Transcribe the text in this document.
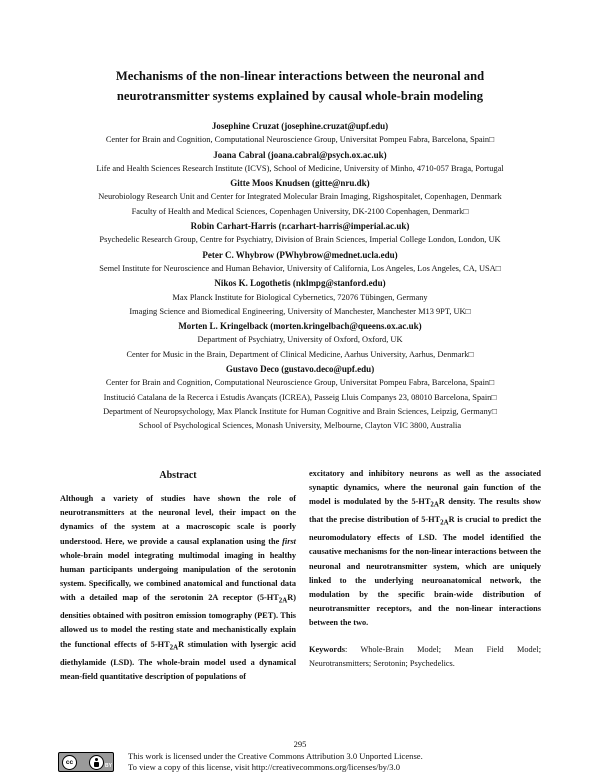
Mechanisms of the non-linear interactions between the neuronal and
neurotransmitter systems explained by causal whole-brain modeling
Josephine Cruzat (josephine.cruzat@upf.edu)
Center for Brain and Cognition, Computational Neuroscience Group, Universitat Pompeu Fabra, Barcelona, Spain□
Joana Cabral (joana.cabral@psych.ox.ac.uk)
Life and Health Sciences Research Institute (ICVS), School of Medicine, University of Minho, 4710-057 Braga, Portugal
Gitte Moos Knudsen (gitte@nru.dk)
Neurobiology Research Unit and Center for Integrated Molecular Brain Imaging, Rigshospitalet, Copenhagen, Denmark
Faculty of Health and Medical Sciences, Copenhagen University, DK-2100 Copenhagen, Denmark□
Robin Carhart-Harris (r.carhart-harris@imperial.ac.uk)
Psychedelic Research Group, Centre for Psychiatry, Division of Brain Sciences, Imperial College London, London, UK
Peter C. Whybrow (PWhybrow@mednet.ucla.edu)
Semel Institute for Neuroscience and Human Behavior, University of California, Los Angeles, Los Angeles, CA, USA□
Nikos K. Logothetis (nklmpg@stanford.edu)
Max Planck Institute for Biological Cybernetics, 72076 Tübingen, Germany
Imaging Science and Biomedical Engineering, University of Manchester, Manchester M13 9PT, UK□
Morten L. Kringelback (morten.kringelbach@queens.ox.ac.uk)
Department of Psychiatry, University of Oxford, Oxford, UK
Center for Music in the Brain, Department of Clinical Medicine, Aarhus University, Aarhus, Denmark□
Gustavo Deco (gustavo.deco@upf.edu)
Center for Brain and Cognition, Computational Neuroscience Group, Universitat Pompeu Fabra, Barcelona, Spain□
Institució Catalana de la Recerca i Estudis Avançats (ICREA), Passeig Lluis Companys 23, 08010 Barcelona, Spain□
Department of Neuropsychology, Max Planck Institute for Human Cognitive and Brain Sciences, Leipzig, Germany□
School of Psychological Sciences, Monash University, Melbourne, Clayton VIC 3800, Australia
Abstract

Although a variety of studies have shown the role of neurotransmitters at the neuronal level, their impact on the dynamics of the system at a macroscopic scale is poorly understood. Here, we provide a causal explanation using the first whole-brain model integrating multimodal imaging in healthy human participants undergoing manipulation of the serotonin system. Specifically, we combined anatomical and functional data with a detailed map of the serotonin 2A receptor $(5-HT_{2A}R)$ densities obtained with positron emission tomography (PET). This allowed us to model the resting state and mechanistically explain the functional effects of $5-HT_{2A}R$ stimulation with lysergic acid diethylamide (LSD). The whole-brain model used a dynamical mean-field quantitative description of populations of

excitatory and inhibitory neurons as well as the associated synaptic dynamics, where the neuronal gain function of the model is modulated by the $5-HT_{2A}R$ density. The results show that the precise distribution of $5-HT_{2A}R$ is crucial to predict the neuromodulatory effects of LSD. The model identified the causative mechanisms for the non-linear interactions between the neuronal and neurotransmitter system, which are uniquely linked to the underlying neuroanatomical network, the modulation by the specific brain-wide distribution of neurotransmitter receptors, and the non-linear interactions between the two.

Keywords: Whole-Brain Model; Mean Field Model; Neurotransmitters; Serotonin; Psychedelics.
295
cc	BY
This work is licensed under the Creative Commons Attribution 3.0 Unported License.
To view a copy of this license, visit http://creativecommons.org/licenses/by/3.0
